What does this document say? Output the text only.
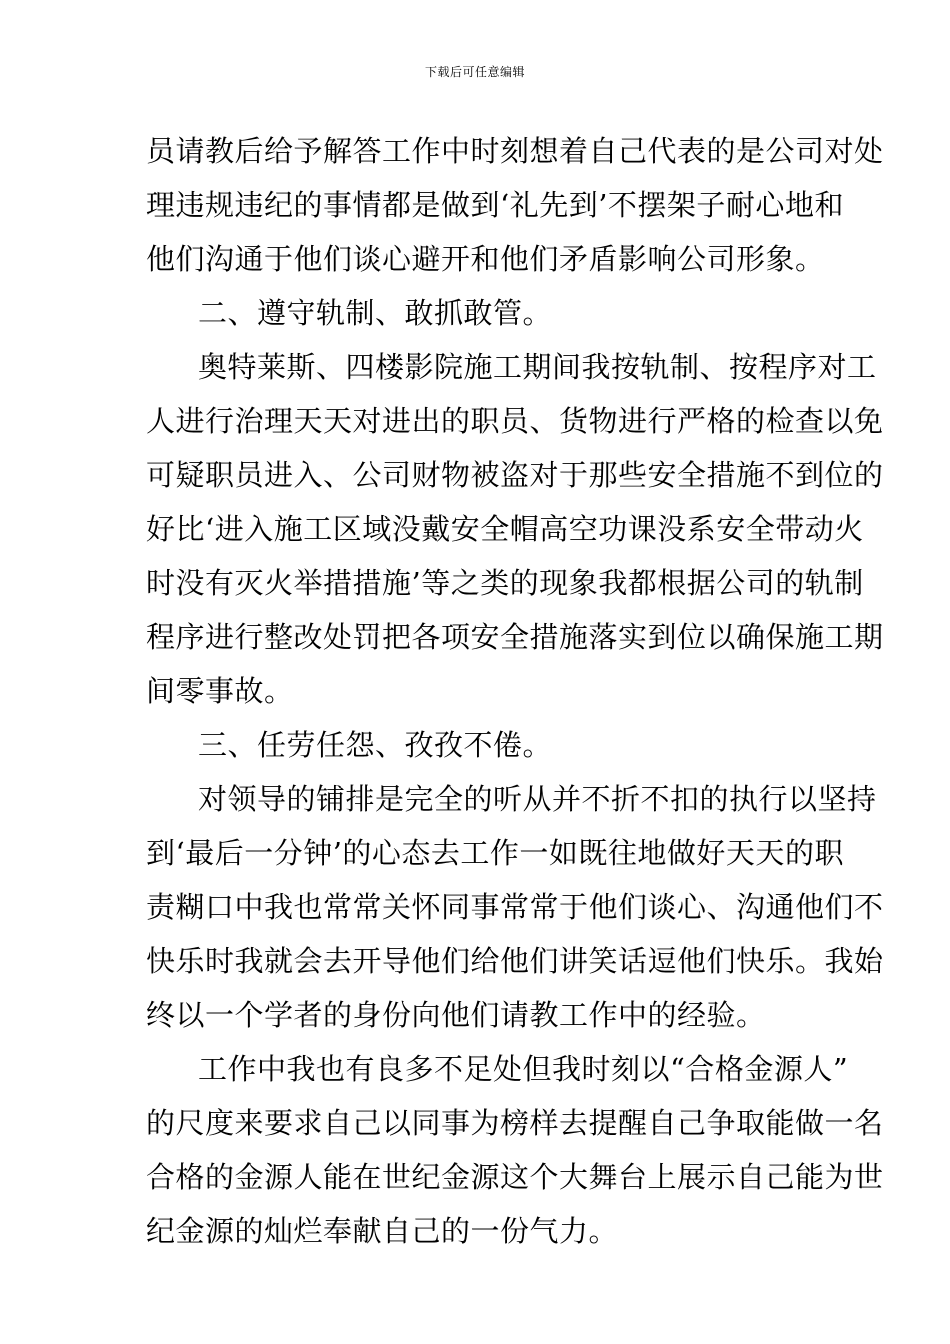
下载后可任意编辑
员请教后给予解答工作中时刻想着自己代表的是公司对处
理违规违纪的事情都是做到‘礼先到’不摆架子耐心地和
他们沟通于他们谈心避开和他们矛盾影响公司形象。
二、遵守轨制、敢抓敢管。
奥特莱斯、四楼影院施工期间我按轨制、按程序对工
人进行治理天天对进出的职员、货物进行严格的检查以免
可疑职员进入、公司财物被盗对于那些安全措施不到位的
好比‘进入施工区域没戴安全帽高空功课没系安全带动火
时没有灭火举措措施’等之类的现象我都根据公司的轨制
程序进行整改处罚把各项安全措施落实到位以确保施工期
间零事故。
三、任劳任怨、孜孜不倦。
对领导的铺排是完全的听从并不折不扣的执行以坚持
到‘最后一分钟’的心态去工作一如既往地做好天天的职
责糊口中我也常常关怀同事常常于他们谈心、沟通他们不
快乐时我就会去开导他们给他们讲笑话逗他们快乐。我始
终以一个学者的身份向他们请教工作中的经验。
工作中我也有良多不足处但我时刻以“合格金源人”
的尺度来要求自己以同事为榜样去提醒自己争取能做一名
合格的金源人能在世纪金源这个大舞台上展示自己能为世
纪金源的灿烂奉献自己的一份气力。
